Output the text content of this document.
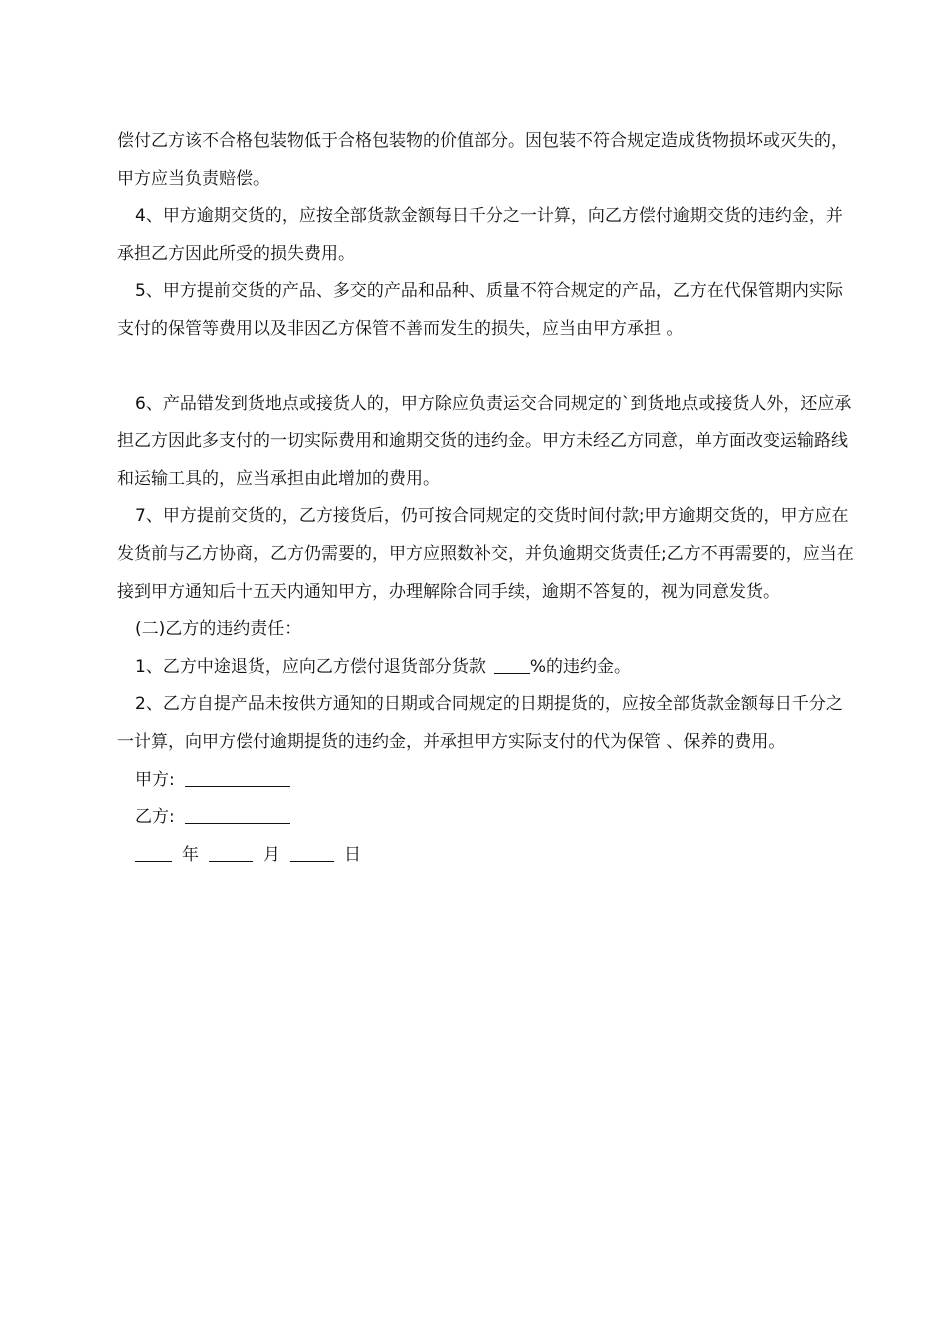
偿付乙方该不合格包装物低于合格包装物的价值部分。因包装不符合规定造成货物损坏或灭失的，甲方应当负责赔偿。

4、甲方逾期交货的，应按全部货款金额每日千分之一计算，向乙方偿付逾期交货的违约金，并承担乙方因此所受的损失费用。

5、甲方提前交货的产品、多交的产品和品种、质量不符合规定的产品，乙方在代保管期内实际支付的保管等费用以及非因乙方保管不善而发生的损失，应当由甲方承担 。

6、产品错发到货地点或接货人的，甲方除应负责运交合同规定的`到货地点或接货人外，还应承担乙方因此多支付的一切实际费用和逾期交货的违约金。甲方未经乙方同意，单方面改变运输路线和运输工具的，应当承担由此增加的费用。

7、甲方提前交货的，乙方接货后，仍可按合同规定的交货时间付款;甲方逾期交货的，甲方应在发货前与乙方协商，乙方仍需要的，甲方应照数补交，并负逾期交货责任;乙方不再需要的，应当在接到甲方通知后十五天内通知甲方，办理解除合同手续，逾期不答复的，视为同意发货。

(二)乙方的违约责任：

1、乙方中途退货，应向乙方偿付退货部分货款	%的违约金。

2、乙方自提产品未按供方通知的日期或合同规定的日期提货的，应按全部货款金额每日千分之一计算，向甲方偿付逾期提货的违约金，并承担甲方实际支付的代为保管 、保养的费用。

甲方:

乙方:

年	月	日
